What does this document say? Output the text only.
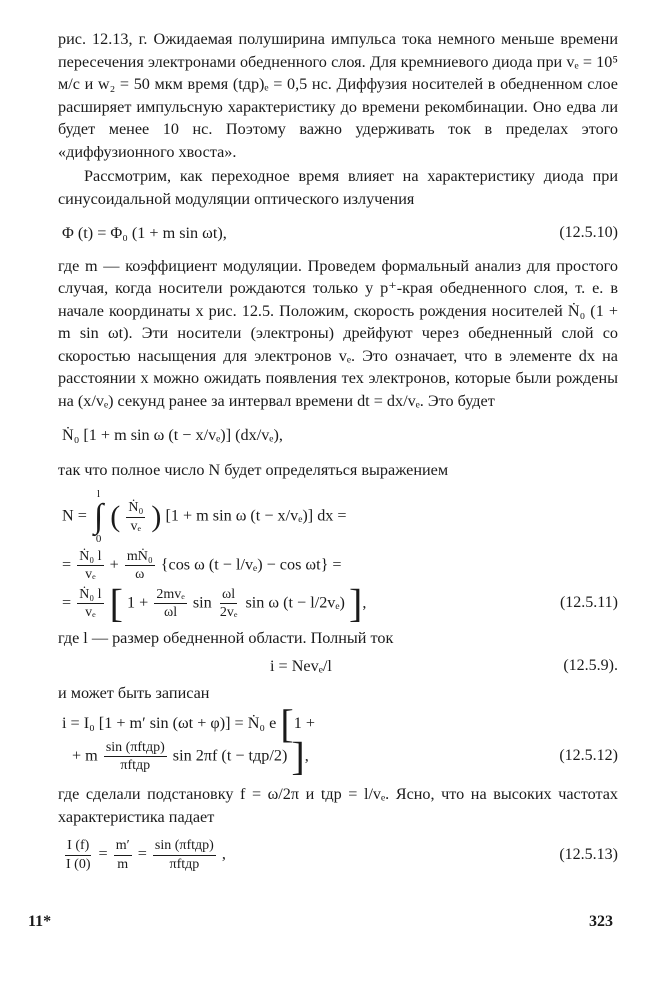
рис. 12.13, г. Ожидаемая полуширина импульса тока немного меньше времени пересечения электронами обедненного слоя. Для кремниевого диода при vₑ = 10⁵ м/с и w₂ = 50 мкм время (tдр)ₑ = 0,5 нс. Диффузия носителей в обедненном слое расширяет импульсную характеристику до времени рекомбинации. Оно едва ли будет менее 10 нс. Поэтому важно удерживать ток в пределах этого «диффузионного хвоста».

Рассмотрим, как переходное время влияет на характеристику диода при синусоидальной модуляции оптического излучения

Φ (t) = Φ₀ (1 + m sin ωt),	(12.5.10)

где m — коэффициент модуляции. Проведем формальный анализ для простого случая, когда носители рождаются только у p⁺-края обедненного слоя, т. е. в начале координаты x рис. 12.5. Положим, скорость рождения носителей Ṅ₀ (1 + m sin ωt). Эти носители (электроны) дрейфуют через обедненный слой со скоростью насыщения для электронов vₑ. Это означает, что в элементе dx на расстоянии x можно ожидать появления тех электронов, которые были рождены на (x/vₑ) секунд ранее за интервал времени dt = dx/vₑ. Это будет

Ṅ₀ [1 + m sin ω (t − x/vₑ)] (dx/vₑ),

так что полное число N будет определяться выражением

N =
l
∫
0
( $\frac{\text{Ṅ₀}}{\text{vₑ}}$ ) [1 + m sin ω (t − x/vₑ)] dx =
= $\frac{\text{Ṅ₀ l}}{\text{vₑ}} + \frac{\text{mṄ₀}}{\omega} \{\cos$ ω (t − l/vₑ) − cos ωt} =
= $\frac{\text{Ṅ₀ l}}{\text{vₑ}}$ [ $1 + \frac{\text{2mvₑ}}{\omega l}$ $\sin \frac{\omega l}{\text{2vₑ}}$ sin ω (t − l/2vₑ) ],	(12.5.11)

где l — размер обедненной области. Полный ток

i = Nevₑ/l	(12.5.9).

и может быть записан

i = I₀ [1 + m′ sin (ωt + φ)] = Ṅ₀ e [1 +
+ m $\frac{\text{sin (πftдр)}}{\text{πftдр}}$ sin 2πf (t − tдр/2) ],	(12.5.12)

где сделали подстановку f = ω/2π и tдр = l/vₑ. Ясно, что на высоких частотах характеристика падает

$\frac{I (f)}{I (0)} = \frac{m'}{m} = \frac{\text{sin (πftдр)}}{\text{πftдр}}$ ,	(12.5.13)
11*	323
